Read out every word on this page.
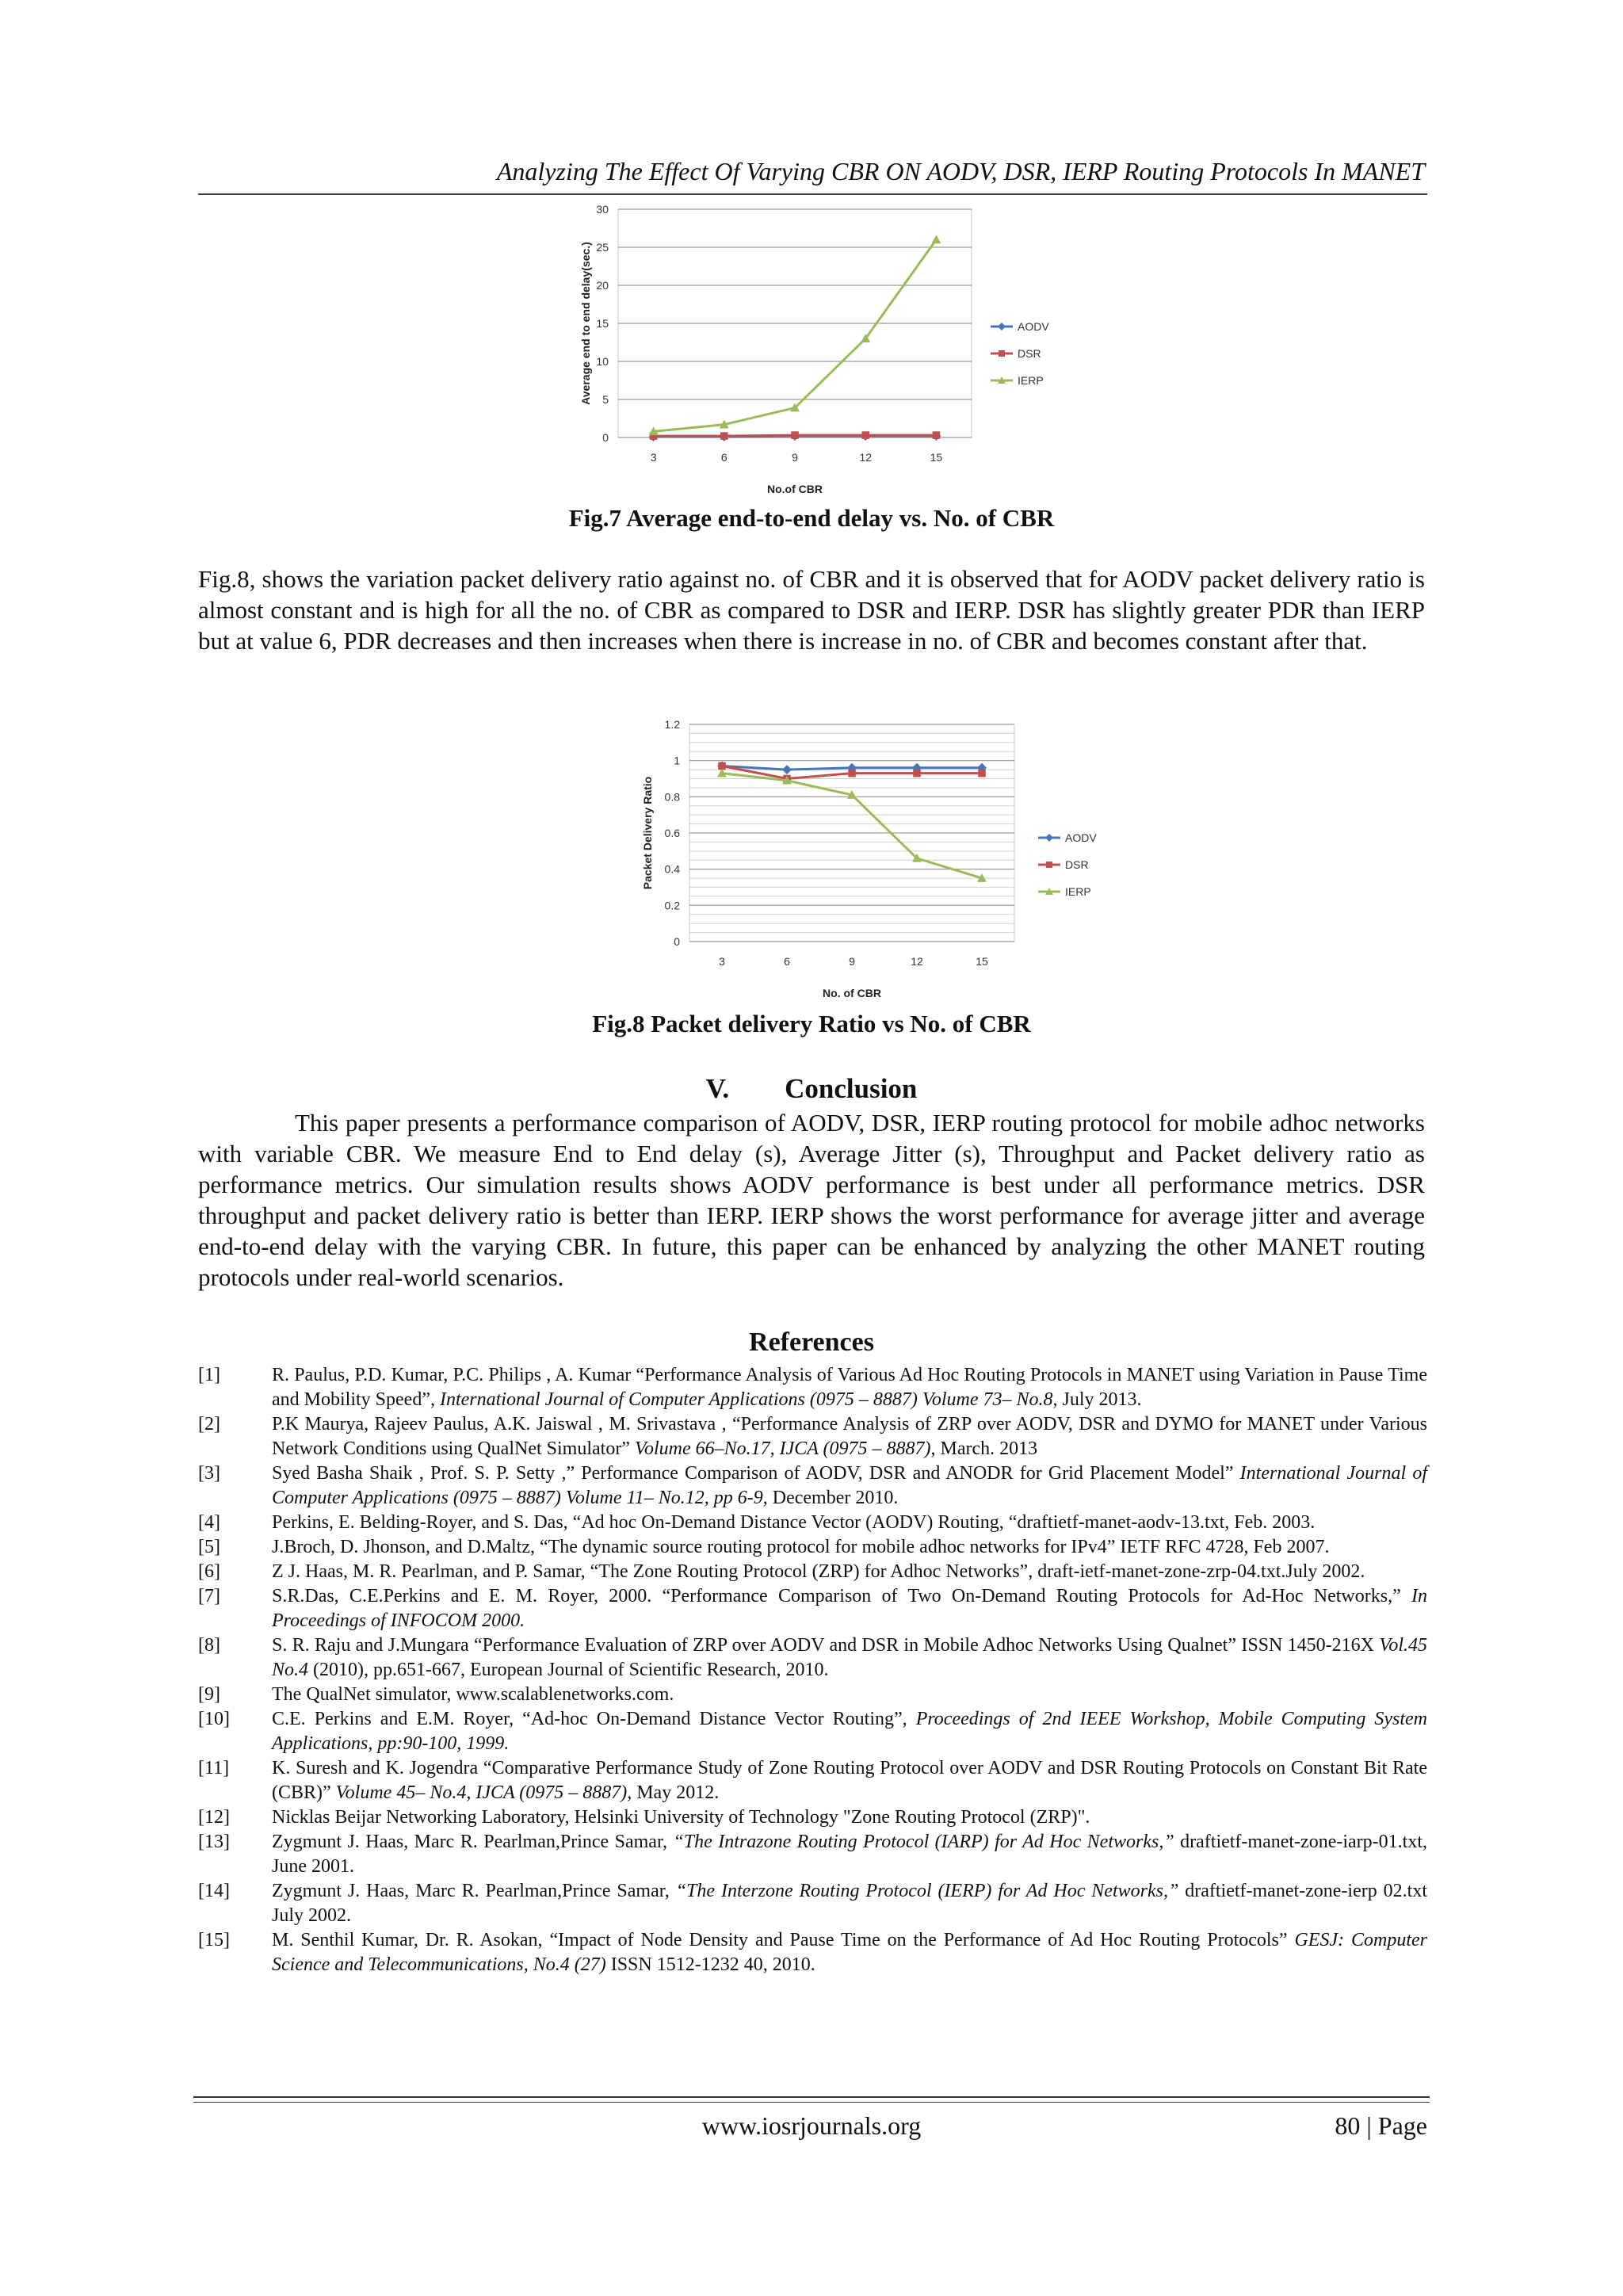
Analyzing The Effect Of Varying CBR ON AODV, DSR, IERP Routing Protocols In MANET
0
5
10
15
20
25
30
3	6	9	12	15
No.of CBR
Average end to end delay(sec.)	AODV
DSR
IERP
Fig.7 Average end-to-end delay vs. No. of CBR
Fig.8, shows the variation packet delivery ratio against no. of CBR and it is observed that for AODV packet delivery ratio is almost constant and is high for all the no. of CBR as compared to DSR and IERP. DSR has slightly greater PDR than IERP but at value 6, PDR decreases and then increases when there is increase in no. of CBR and becomes constant after that.
0
0.2
0.4
0.6
0.8
1
1.2
3	6	9	12	15
No. of CBR
Packet Delivery Ratio	AODV
DSR
IERP
Fig.8 Packet delivery Ratio vs No. of CBR
V. Conclusion
This paper presents a performance comparison of AODV, DSR, IERP routing protocol for mobile adhoc networks with variable CBR. We measure End to End delay (s), Average Jitter (s), Throughput and Packet delivery ratio as performance metrics. Our simulation results shows AODV performance is best under all performance metrics. DSR throughput and packet delivery ratio is better than IERP. IERP shows the worst performance for average jitter and average end-to-end delay with the varying CBR. In future, this paper can be enhanced by analyzing the other MANET routing protocols under real-world scenarios.
References
[1]	R. Paulus, P.D. Kumar, P.C. Philips , A. Kumar “Performance Analysis of Various Ad Hoc Routing Protocols in MANET using Variation in Pause Time and Mobility Speed”, International Journal of Computer Applications (0975 – 8887) Volume 73– No.8, July 2013.
[2]	P.K Maurya, Rajeev Paulus, A.K. Jaiswal , M. Srivastava , “Performance Analysis of ZRP over AODV, DSR and DYMO for MANET under Various Network Conditions using QualNet Simulator” Volume 66–No.17, IJCA (0975 – 8887), March. 2013
[3]	Syed Basha Shaik , Prof. S. P. Setty ,” Performance Comparison of AODV, DSR and ANODR for Grid Placement Model” International Journal of Computer Applications (0975 – 8887) Volume 11– No.12, pp 6-9, December 2010.
[4]	Perkins, E. Belding-Royer, and S. Das, “Ad hoc On-Demand Distance Vector (AODV) Routing, “draftietf-manet-aodv-13.txt, Feb. 2003.
[5]	J.Broch, D. Jhonson, and D.Maltz, “The dynamic source routing protocol for mobile adhoc networks for IPv4” IETF RFC 4728, Feb 2007.
[6]	Z J. Haas, M. R. Pearlman, and P. Samar, “The Zone Routing Protocol (ZRP) for Adhoc Networks”, draft-ietf-manet-zone-zrp-04.txt.July 2002.
[7]	S.R.Das, C.E.Perkins and E. M. Royer, 2000. “Performance Comparison of Two On-Demand Routing Protocols for Ad-Hoc Networks,” In Proceedings of INFOCOM 2000.
[8]	S. R. Raju and J.Mungara “Performance Evaluation of ZRP over AODV and DSR in Mobile Adhoc Networks Using Qualnet” ISSN 1450-216X Vol.45 No.4 (2010), pp.651-667, European Journal of Scientific Research, 2010.
[9]	The QualNet simulator, www.scalablenetworks.com.
[10]	C.E. Perkins and E.M. Royer, “Ad-hoc On-Demand Distance Vector Routing”, Proceedings of 2nd IEEE Workshop, Mobile Computing System Applications, pp:90-100, 1999.
[11]	K. Suresh and K. Jogendra “Comparative Performance Study of Zone Routing Protocol over AODV and DSR Routing Protocols on Constant Bit Rate (CBR)” Volume 45– No.4, IJCA (0975 – 8887), May 2012.
[12]	Nicklas Beijar Networking Laboratory, Helsinki University of Technology "Zone Routing Protocol (ZRP)".
[13]	Zygmunt J. Haas, Marc R. Pearlman,Prince Samar, “The Intrazone Routing Protocol (IARP) for Ad Hoc Networks,” draftietf-manet-zone-iarp-01.txt, June 2001.
[14]	Zygmunt J. Haas, Marc R. Pearlman,Prince Samar, “The Interzone Routing Protocol (IERP) for Ad Hoc Networks,” draftietf-manet-zone-ierp 02.txt July 2002.
[15]	M. Senthil Kumar, Dr. R. Asokan, “Impact of Node Density and Pause Time on the Performance of Ad Hoc Routing Protocols” GESJ: Computer Science and Telecommunications, No.4 (27) ISSN 1512-1232 40, 2010.
www.iosrjournals.org	80 | Page
